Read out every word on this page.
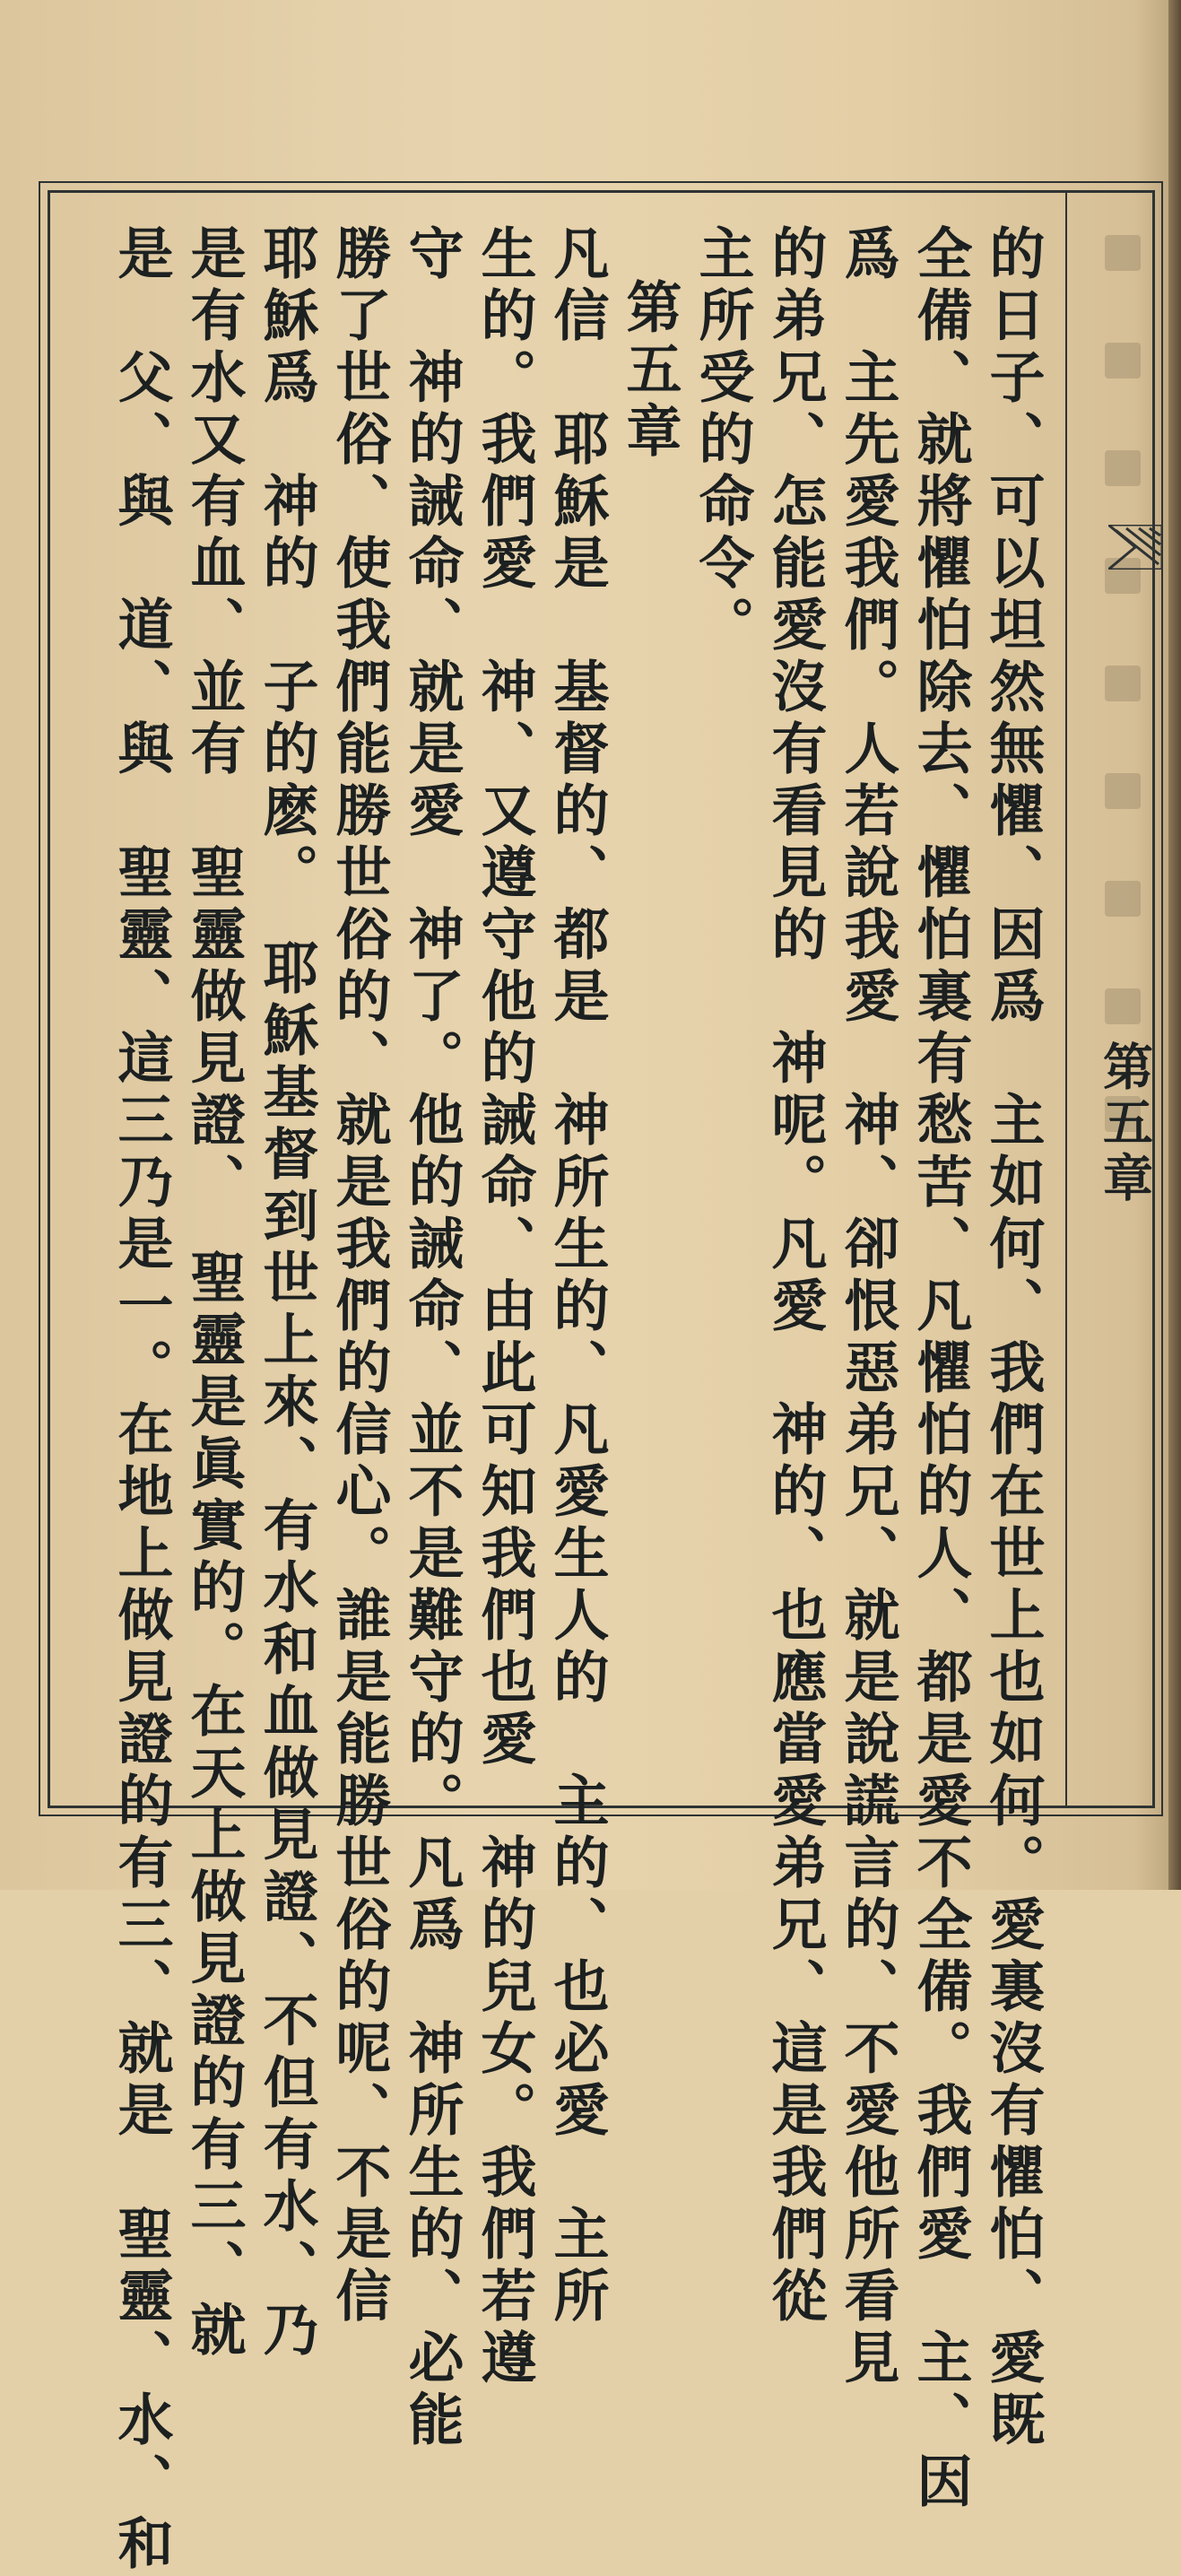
第五章
的日子、可以坦然無懼、因爲　主如何、我們在世上也如何。愛裏沒有懼怕、愛既
全備、就將懼怕除去、懼怕裏有愁苦、凡懼怕的人、都是愛不全備。我們愛　主、因
爲　主先愛我們。人若說我愛　神、卻恨惡弟兄、就是說謊言的、不愛他所看見
的弟兄、怎能愛沒有看見的　神呢。凡愛　神的、也應當愛弟兄、這是我們從
主所受的命令。
第五章
凡信　耶穌是　基督的、都是　神所生的、凡愛生人的　主的、也必愛　主所
生的。我們愛　神、又遵守他的誡命、由此可知我們也愛　神的兒女。我們若遵
守　神的誡命、就是愛　神了。他的誡命、並不是難守的。凡爲　神所生的、必能
勝了世俗、使我們能勝世俗的、就是我們的信心。誰是能勝世俗的呢、不是信
耶穌爲　神的　子的麽。　耶穌基督到世上來、有水和血做見證、不但有水、乃
是有水又有血、並有　聖靈做見證、　聖靈是眞實的。在天上做見證的有三、就
是　父、與　道、與　聖靈、這三乃是一。在地上做見證的有三、就是　聖靈、水、和
